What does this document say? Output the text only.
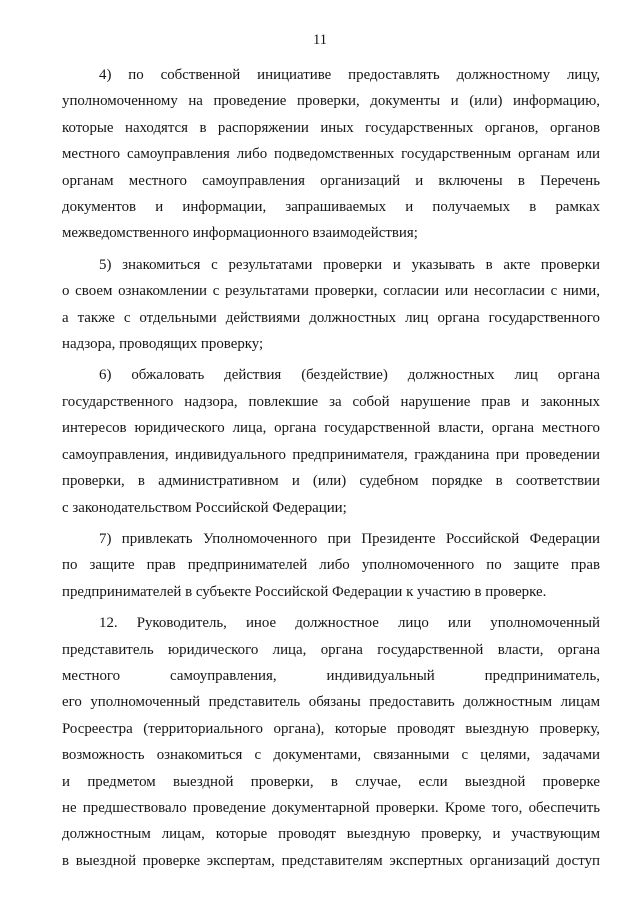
11
4) по собственной инициативе предоставлять должностному лицу,
уполномоченному на проведение проверки, документы и (или) информацию,
которые находятся в распоряжении иных государственных органов, органов
местного самоуправления либо подведомственных государственным органам или
органам местного самоуправления организаций и включены в Перечень
документов и информации, запрашиваемых и получаемых в рамках
межведомственного информационного взаимодействия;
5) знакомиться с результатами проверки и указывать в акте проверки
о своем ознакомлении с результатами проверки, согласии или несогласии с ними,
а также с отдельными действиями должностных лиц органа государственного
надзора, проводящих проверку;
6) обжаловать действия (бездействие) должностных лиц органа
государственного надзора, повлекшие за собой нарушение прав и законных
интересов юридического лица, органа государственной власти, органа местного
самоуправления, индивидуального предпринимателя, гражданина при проведении
проверки, в административном и (или) судебном порядке в соответствии
с законодательством Российской Федерации;
7) привлекать Уполномоченного при Президенте Российской Федерации
по защите прав предпринимателей либо уполномоченного по защите прав
предпринимателей в субъекте Российской Федерации к участию в проверке.
12. Руководитель, иное должностное лицо или уполномоченный
представитель юридического лица, органа государственной власти, органа
местного самоуправления, индивидуальный предприниматель,
его уполномоченный представитель обязаны предоставить должностным лицам
Росреестра (территориального органа), которые проводят выездную проверку,
возможность ознакомиться с документами, связанными с целями, задачами
и предметом выездной проверки, в случае, если выездной проверке
не предшествовало проведение документарной проверки. Кроме того, обеспечить
должностным лицам, которые проводят выездную проверку, и участвующим
в выездной проверке экспертам, представителям экспертных организаций доступ
